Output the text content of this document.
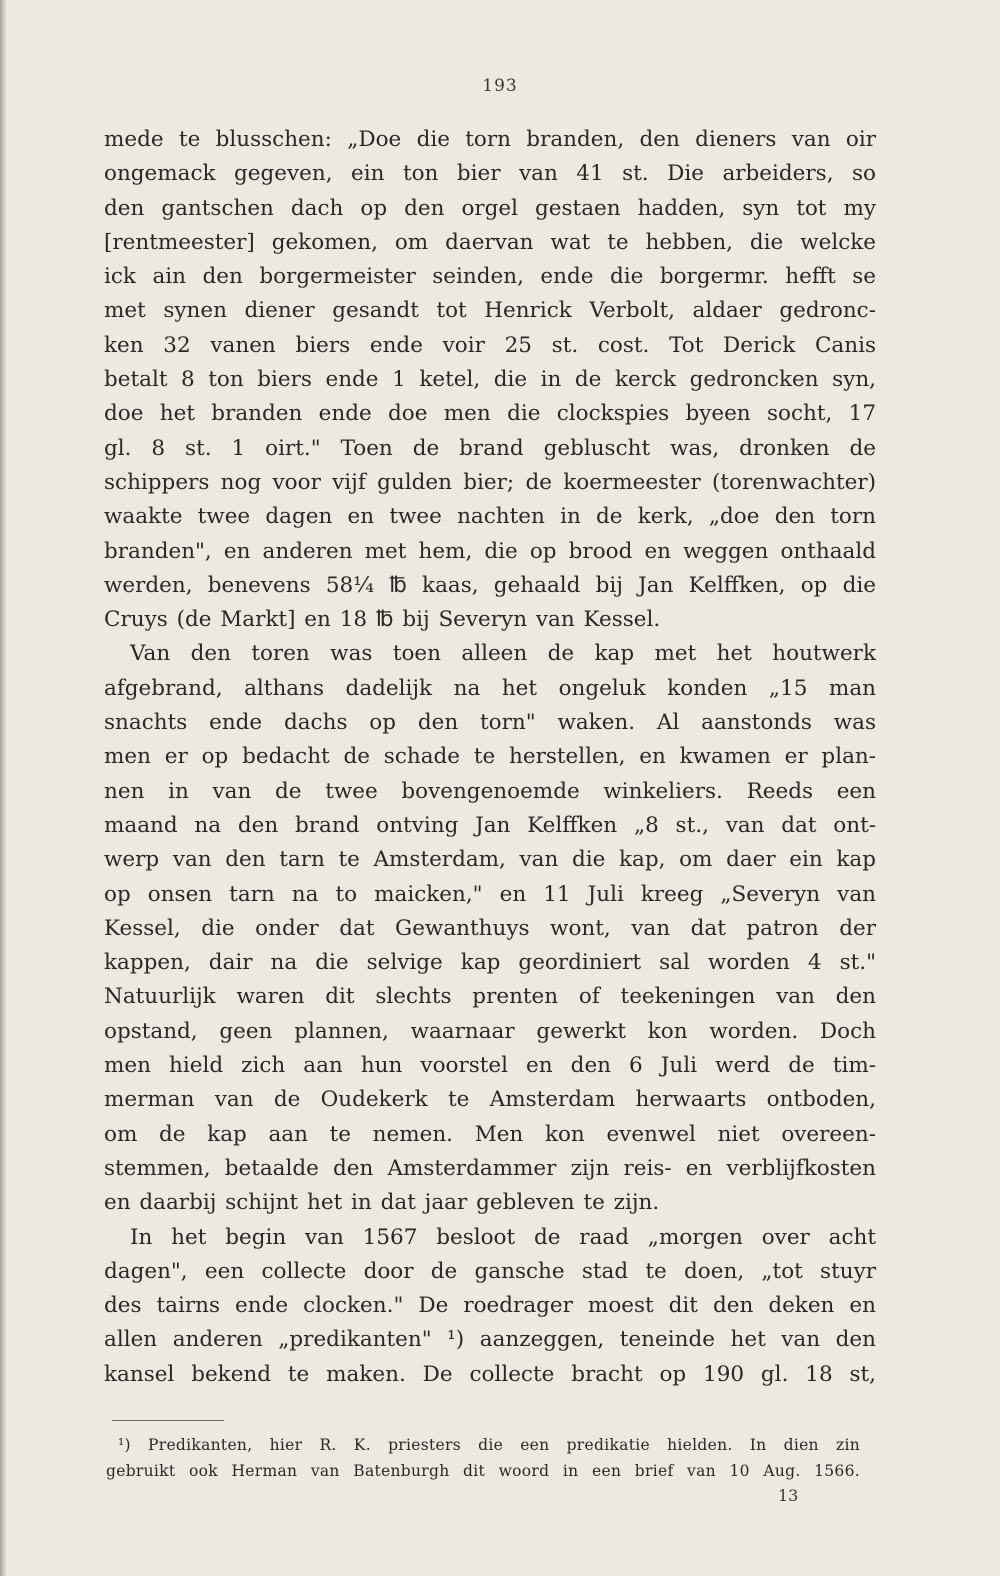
193
mede te blusschen: „Doe die torn branden, den dieners van oir
ongemack gegeven, ein ton bier van 41 st. Die arbeiders, so
den gantschen dach op den orgel gestaen hadden, syn tot my
[rentmeester] gekomen, om daervan wat te hebben, die welcke
ick ain den borgermeister seinden, ende die borgermr. hefft se
met synen diener gesandt tot Henrick Verbolt, aldaer gedronc-
ken 32 vanen biers ende voir 25 st. cost. Tot Derick Canis
betalt 8 ton biers ende 1 ketel, die in de kerck gedroncken syn,
doe het branden ende doe men die clockspies byeen socht, 17
gl. 8 st. 1 oirt." Toen de brand gebluscht was, dronken de
schippers nog voor vijf gulden bier; de koermeester (torenwachter)
waakte twee dagen en twee nachten in de kerk, „doe den torn
branden", en anderen met hem, die op brood en weggen onthaald
werden, benevens 58¼ ℔ kaas, gehaald bij Jan Kelffken, op die
Cruys (de Markt] en 18 ℔ bij Severyn van Kessel.
Van den toren was toen alleen de kap met het houtwerk
afgebrand, althans dadelijk na het ongeluk konden „15 man
snachts ende dachs op den torn" waken. Al aanstonds was
men er op bedacht de schade te herstellen, en kwamen er plan-
nen in van de twee bovengenoemde winkeliers. Reeds een
maand na den brand ontving Jan Kelffken „8 st., van dat ont-
werp van den tarn te Amsterdam, van die kap, om daer ein kap
op onsen tarn na to maicken," en 11 Juli kreeg „Severyn van
Kessel, die onder dat Gewanthuys wont, van dat patron der
kappen, dair na die selvige kap geordiniert sal worden 4 st."
Natuurlijk waren dit slechts prenten of teekeningen van den
opstand, geen plannen, waarnaar gewerkt kon worden. Doch
men hield zich aan hun voorstel en den 6 Juli werd de tim-
merman van de Oudekerk te Amsterdam herwaarts ontboden,
om de kap aan te nemen. Men kon evenwel niet overeen-
stemmen, betaalde den Amsterdammer zijn reis- en verblijfkosten
en daarbij schijnt het in dat jaar gebleven te zijn.
In het begin van 1567 besloot de raad „morgen over acht
dagen", een collecte door de gansche stad te doen, „tot stuyr
des tairns ende clocken." De roedrager moest dit den deken en
allen anderen „predikanten" ¹) aanzeggen, teneinde het van den
kansel bekend te maken. De collecte bracht op 190 gl. 18 st,
¹) Predikanten, hier R. K. priesters die een predikatie hielden. In dien zin
gebruikt ook Herman van Batenburgh dit woord in een brief van 10 Aug. 1566.
13
